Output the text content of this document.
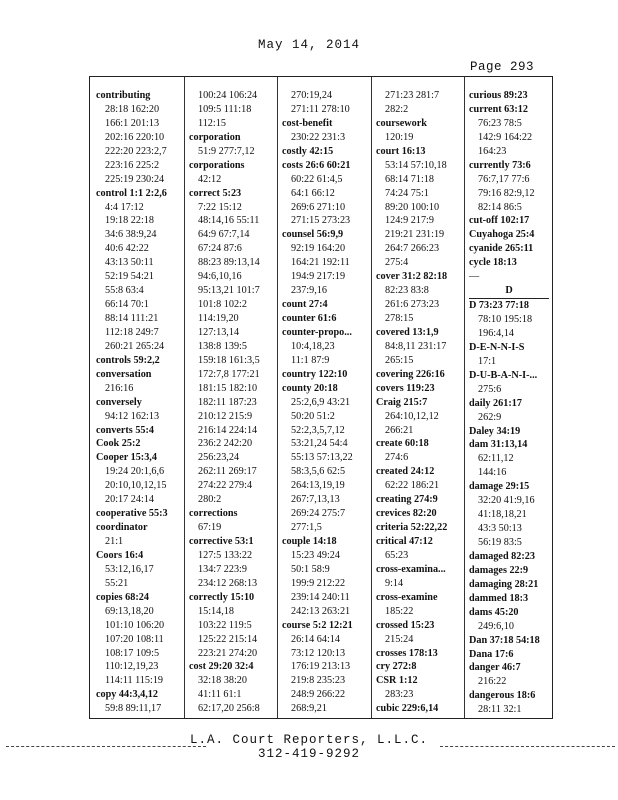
May 14, 2014
Page 293
contributing
28:18 162:20
166:1 201:13
202:16 220:10
222:20 223:2,7
223:16 225:2
225:19 230:24
control 1:1 2:2,6
4:4 17:12
19:18 22:18
34:6 38:9,24
40:6 42:22
43:13 50:11
52:19 54:21
55:8 63:4
66:14 70:1
88:14 111:21
112:18 249:7
260:21 265:24
controls 59:2,2
conversation
216:16
conversely
94:12 162:13
converts 55:4
Cook 25:2
Cooper 15:3,4
19:24 20:1,6,6
20:10,10,12,15
20:17 24:14
cooperative 55:3
coordinator
21:1
Coors 16:4
53:12,16,17
55:21
copies 68:24
69:13,18,20
101:10 106:20
107:20 108:11
108:17 109:5
110:12,19,23
114:11 115:19
copy 44:3,4,12
59:8 89:11,17
100:24 106:24
109:5 111:18
112:15
corporation
51:9 277:7,12
corporations
42:12
correct 5:23
7:22 15:12
48:14,16 55:11
64:9 67:7,14
67:24 87:6
88:23 89:13,14
94:6,10,16
95:13,21 101:7
101:8 102:2
114:19,20
127:13,14
138:8 139:5
159:18 161:3,5
172:7,8 177:21
181:15 182:10
182:11 187:23
210:12 215:9
216:14 224:14
236:2 242:20
256:23,24
262:11 269:17
274:22 279:4
280:2
corrections
67:19
corrective 53:1
127:5 133:22
134:7 223:9
234:12 268:13
correctly 15:10
15:14,18
103:22 119:5
125:22 215:14
223:21 274:20
cost 29:20 32:4
32:18 38:20
41:11 61:1
62:17,20 256:8
270:19,24
271:11 278:10
cost-benefit
230:22 231:3
costly 42:15
costs 26:6 60:21
60:22 61:4,5
64:1 66:12
269:6 271:10
271:15 273:23
counsel 56:9,9
92:19 164:20
164:21 192:11
194:9 217:19
237:9,16
count 27:4
counter 61:6
counter-propo...
10:4,18,23
11:1 87:9
country 122:10
county 20:18
25:2,6,9 43:21
50:20 51:2
52:2,3,5,7,12
53:21,24 54:4
55:13 57:13,22
58:3,5,6 62:5
264:13,19,19
267:7,13,13
269:24 275:7
277:1,5
couple 14:18
15:23 49:24
50:1 58:9
199:9 212:22
239:14 240:11
242:13 263:21
course 5:2 12:21
26:14 64:14
73:12 120:13
176:19 213:13
219:8 235:23
248:9 266:22
268:9,21
271:23 281:7
282:2
coursework
120:19
court 16:13
53:14 57:10,18
68:14 71:18
74:24 75:1
89:20 100:10
124:9 217:9
219:21 231:19
264:7 266:23
275:4
cover 31:2 82:18
82:23 83:8
261:6 273:23
278:15
covered 13:1,9
84:8,11 231:17
265:15
covering 226:16
covers 119:23
Craig 215:7
264:10,12,12
266:21
create 60:18
274:6
created 24:12
62:22 186:21
creating 274:9
crevices 82:20
criteria 52:22,22
critical 47:12
65:23
cross-examina...
9:14
cross-examine
185:22
crossed 15:23
215:24
crosses 178:13
cry 272:8
CSR 1:12
283:23
cubic 229:6,14
curious 89:23
current 63:12
76:23 78:5
142:9 164:22
164:23
currently 73:6
76:7,17 77:6
79:16 82:9,12
82:14 86:5
cut-off 102:17
Cuyahoga 25:4
cyanide 265:11
cycle 18:13
—
D
D 73:23 77:18
78:10 195:18
196:4,14
D-E-N-N-I-S
17:1
D-U-B-A-N-I-...
275:6
daily 261:17
262:9
Daley 34:19
dam 31:13,14
62:11,12
144:16
damage 29:15
32:20 41:9,16
41:18,18,21
43:3 50:13
56:19 83:5
damaged 82:23
damages 22:9
damaging 28:21
dammed 18:3
dams 45:20
249:6,10
Dan 37:18 54:18
Dana 17:6
danger 46:7
216:22
dangerous 18:6
28:11 32:1
L.A. Court Reporters, L.L.C.
312-419-9292
